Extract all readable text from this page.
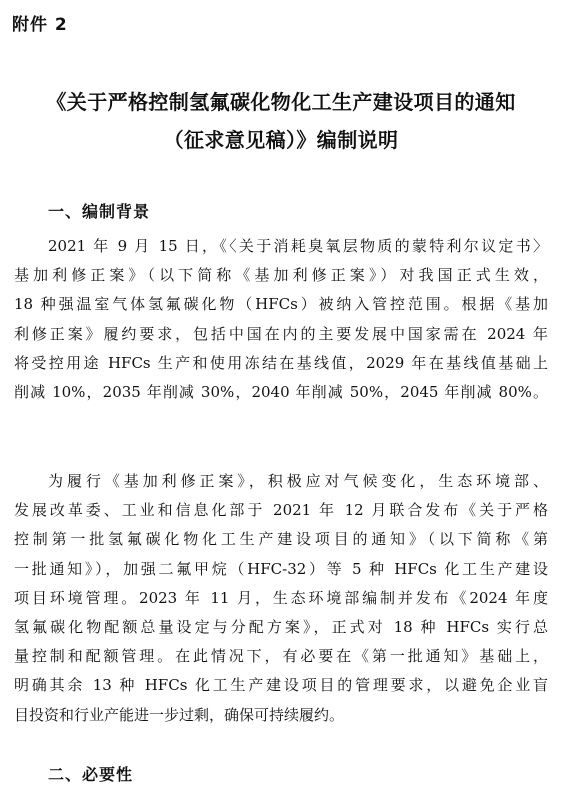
附件 2
《关于严格控制氢氟碳化物化工生产建设项目的通知
（征求意见稿）》编制说明
一、编制背景
2021 年 9 月 15 日，《〈关于消耗臭氧层物质的蒙特利尔议定书〉
基加利修正案》（以下简称《基加利修正案》）对我国正式生效，
18 种强温室气体氢氟碳化物（HFCs）被纳入管控范围。根据《基加
利修正案》履约要求，包括中国在内的主要发展中国家需在 2024 年
将受控用途 HFCs 生产和使用冻结在基线值，2029 年在基线值基础上
削减 10%，2035 年削减 30%，2040 年削减 50%，2045 年削减 80%。
为履行《基加利修正案》，积极应对气候变化，生态环境部、
发展改革委、工业和信息化部于 2021 年 12 月联合发布《关于严格
控制第一批氢氟碳化物化工生产建设项目的通知》（以下简称《第
一批通知》），加强二氟甲烷（HFC-32）等 5 种 HFCs 化工生产建设
项目环境管理。2023 年 11 月，生态环境部编制并发布《2024 年度
氢氟碳化物配额总量设定与分配方案》，正式对 18 种 HFCs 实行总
量控制和配额管理。在此情况下，有必要在《第一批通知》基础上，
明确其余 13 种 HFCs 化工生产建设项目的管理要求，以避免企业盲
目投资和行业产能进一步过剩，确保可持续履约。
二、必要性
